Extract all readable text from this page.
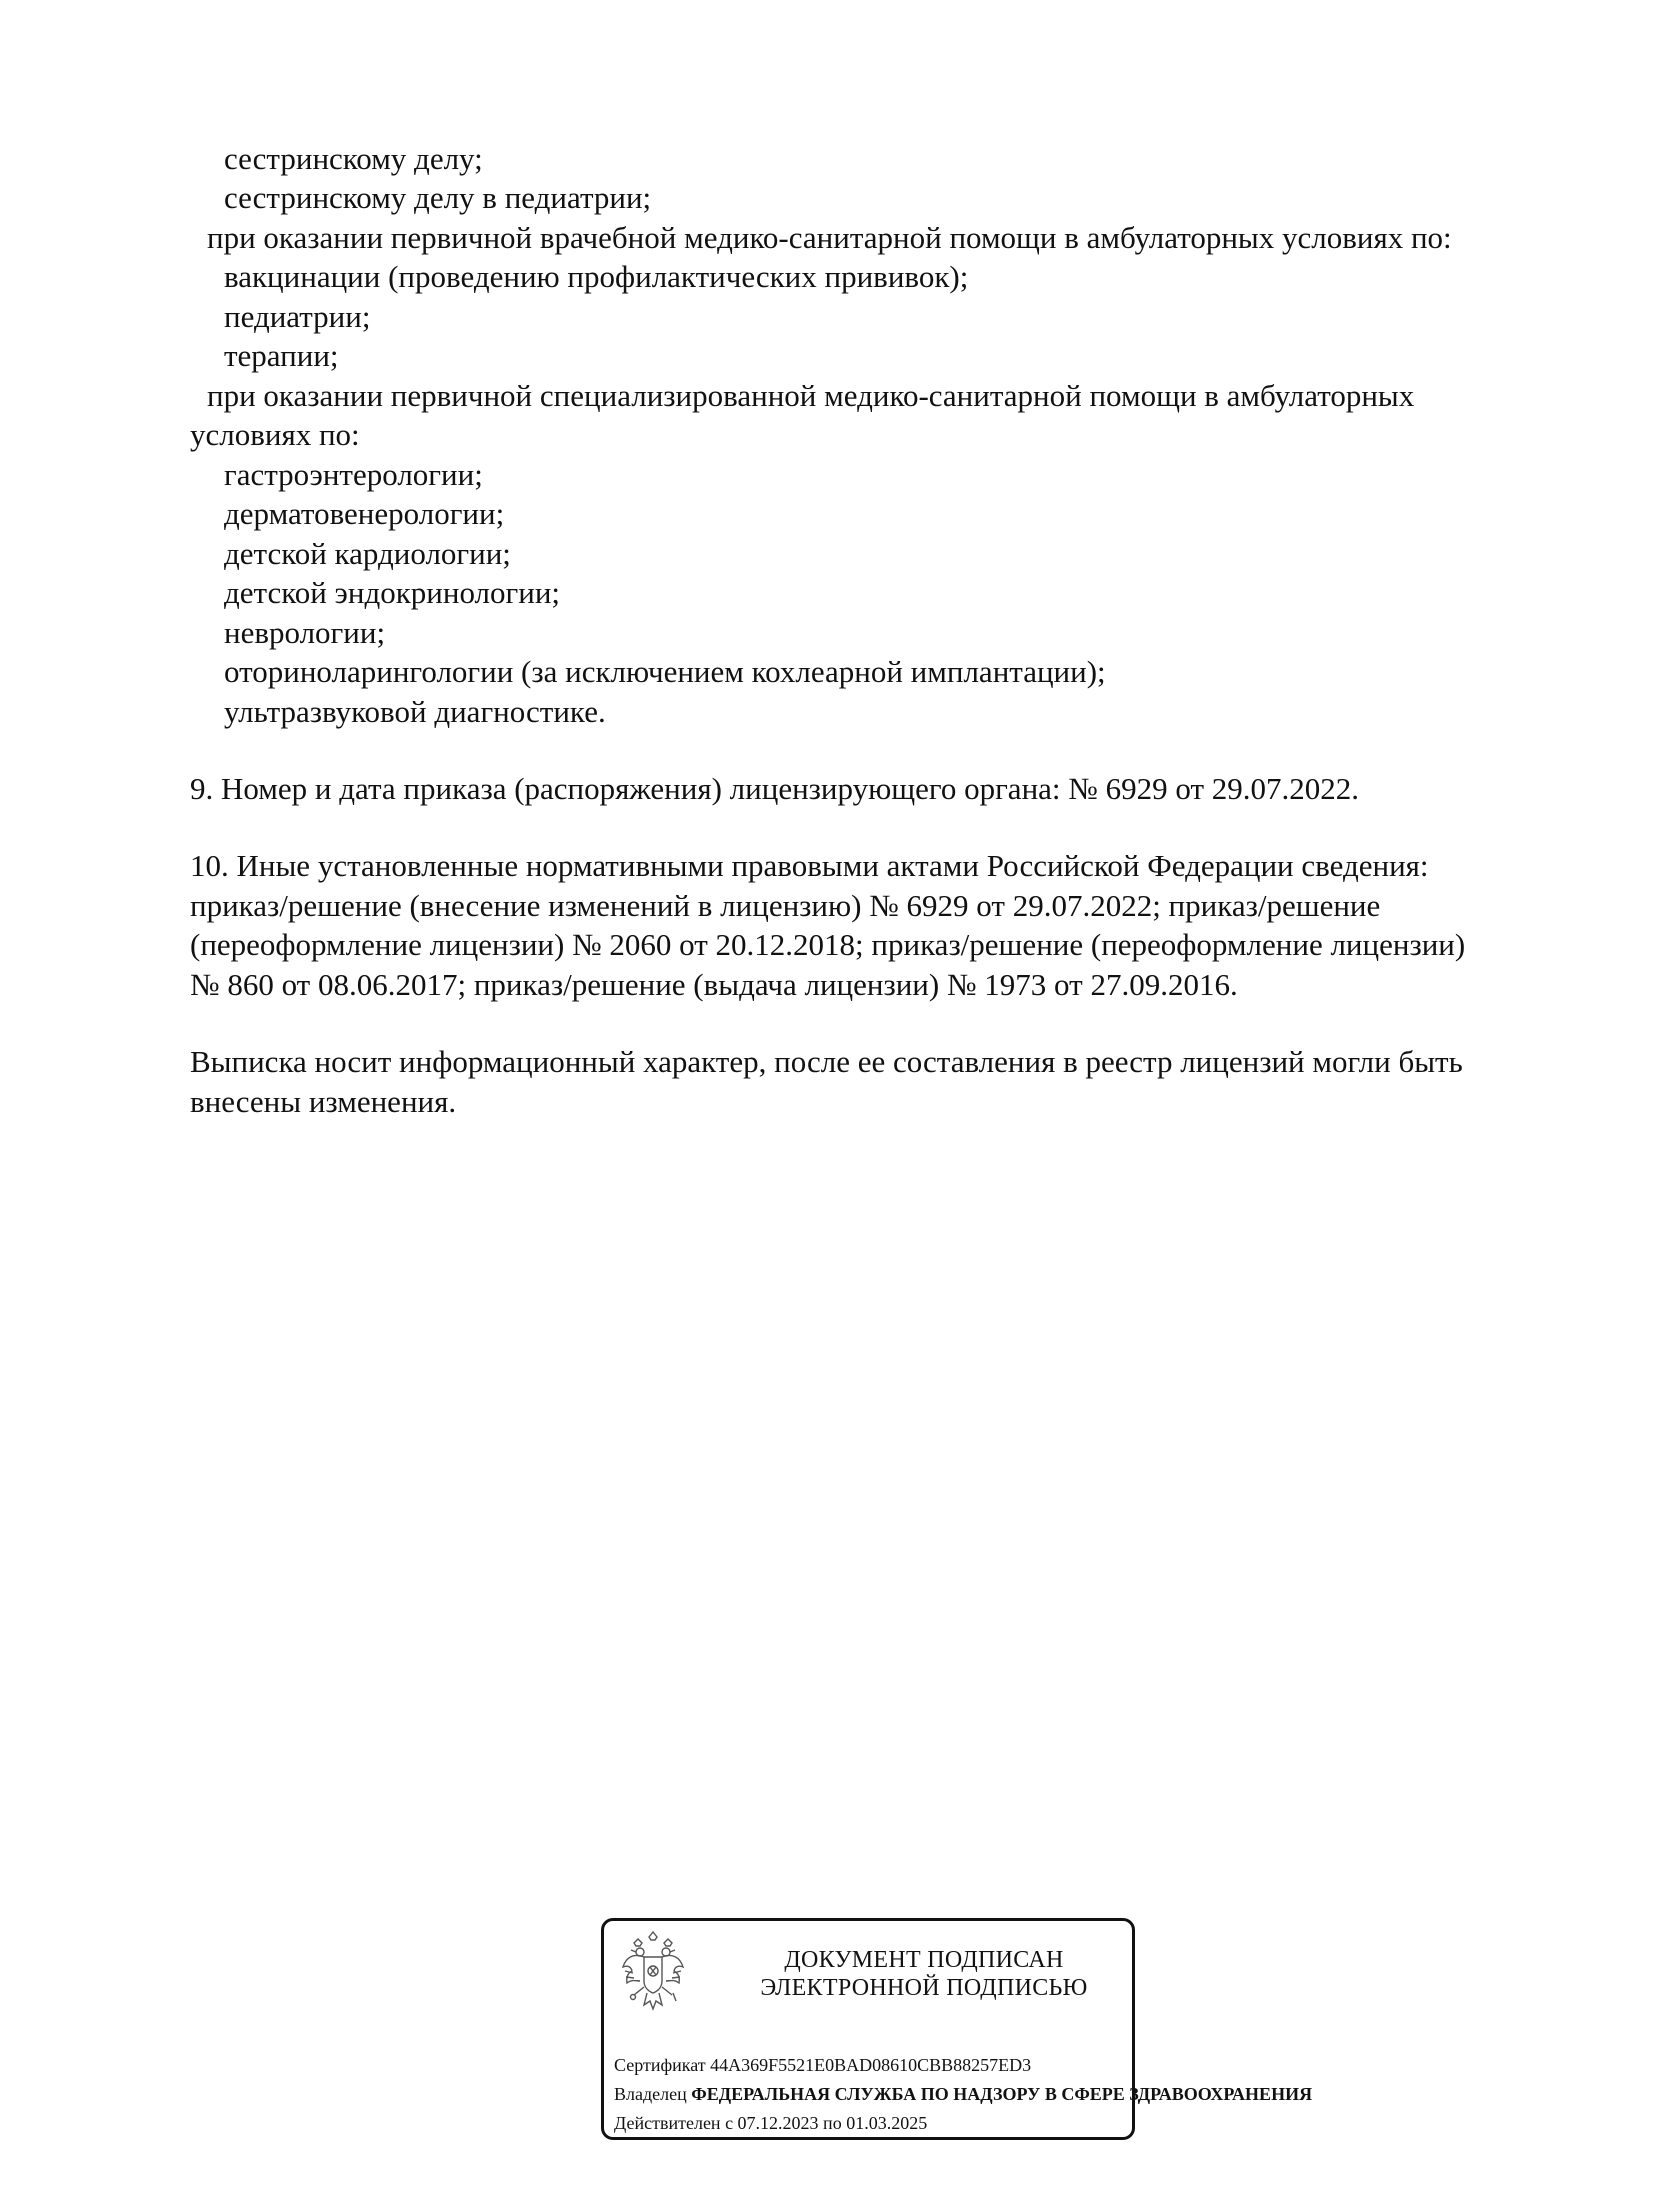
сестринскому делу;

сестринскому делу в педиатрии;

при оказании первичной врачебной медико-санитарной помощи в амбулаторных условиях по:

вакцинации (проведению профилактических прививок);

педиатрии;

терапии;

при оказании первичной специализированной медико-санитарной помощи в амбулаторных

условиях по:

гастроэнтерологии;

дерматовенерологии;

детской кардиологии;

детской эндокринологии;

неврологии;

оториноларингологии (за исключением кохлеарной имплантации);

ультразвуковой диагностике.

9. Номер и дата приказа (распоряжения) лицензирующего органа: № 6929 от 29.07.2022.

10. Иные установленные нормативными правовыми актами Российской Федерации сведения:

приказ/решение (внесение изменений в лицензию) № 6929 от 29.07.2022; приказ/решение

(переоформление лицензии) № 2060 от 20.12.2018; приказ/решение (переоформление лицензии)

№ 860 от 08.06.2017; приказ/решение (выдача лицензии) № 1973 от 27.09.2016.

Выписка носит информационный характер, после ее составления в реестр лицензий могли быть

внесены изменения.

ДОКУМЕНТ ПОДПИСАН
ЭЛЕКТРОННОЙ ПОДПИСЬЮ
Сертификат 44A369F5521E0BAD08610CBB88257ED3
Владелец ФЕДЕРАЛЬНАЯ СЛУЖБА ПО НАДЗОРУ В СФЕРЕ ЗДРАВООХРАНЕНИЯ
Действителен с 07.12.2023 по 01.03.2025
